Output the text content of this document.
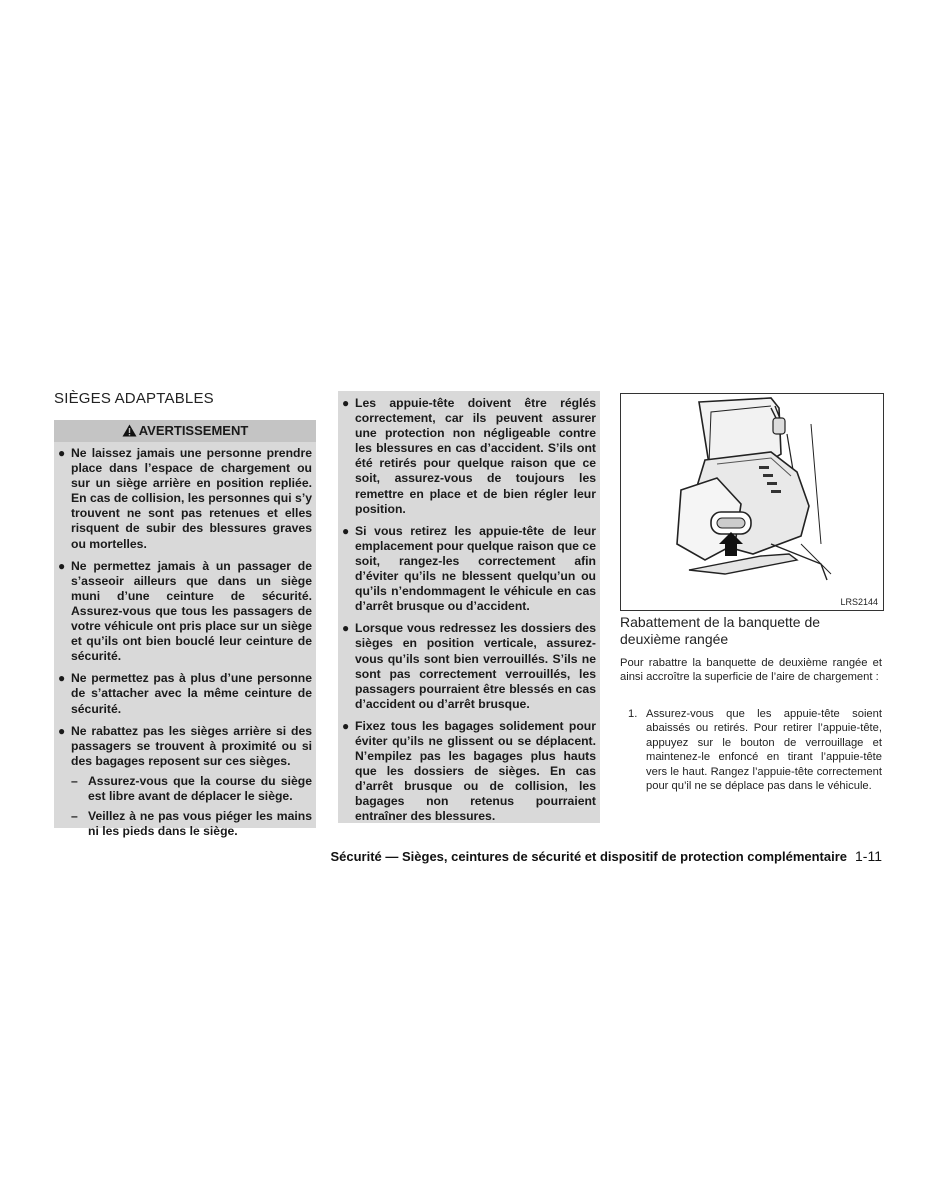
SIÈGES ADAPTABLES
AVERTISSEMENT
● Ne laissez jamais une personne prendre place dans l’espace de chargement ou sur un siège arrière en position repliée. En cas de collision, les personnes qui s’y trouvent ne sont pas retenues et elles risquent de subir des blessures graves ou mortelles.
● Ne permettez jamais à un passager de s’asseoir ailleurs que dans un siège muni d’une ceinture de sécurité. Assurez-vous que tous les passagers de votre véhicule ont pris place sur un siège et qu’ils ont bien bouclé leur ceinture de sécurité.
● Ne permettez pas à plus d’une personne de s’attacher avec la même ceinture de sécurité.
● Ne rabattez pas les sièges arrière si des passagers se trouvent à proximité ou si des bagages reposent sur ces sièges.
– Assurez-vous que la course du siège est libre avant de déplacer le siège.
– Veillez à ne pas vous piéger les mains ni les pieds dans le siège.
● Les appuie-tête doivent être réglés correctement, car ils peuvent assurer une protection non négligeable contre les blessures en cas d’accident. S’ils ont été retirés pour quelque raison que ce soit, assurez-vous de toujours les remettre en place et de bien régler leur position.
● Si vous retirez les appuie-tête de leur emplacement pour quelque raison que ce soit, rangez-les correctement afin d’éviter qu’ils ne blessent quelqu’un ou qu’ils n’endommagent le véhicule en cas d’arrêt brusque ou d’accident.
● Lorsque vous redressez les dossiers des sièges en position verticale, assurez-vous qu’ils sont bien verrouillés. S’ils ne sont pas correctement verrouillés, les passagers pourraient être blessés en cas d’accident ou d’arrêt brusque.
● Fixez tous les bagages solidement pour éviter qu’ils ne glissent ou se déplacent. N’empilez pas les bagages plus hauts que les dossiers de sièges. En cas d’arrêt brusque ou de collision, les bagages non retenus pourraient entraîner des blessures.
LRS2144
Rabattement de la banquette de deuxième rangée
Pour rabattre la banquette de deuxième rangée et ainsi accroître la superficie de l’aire de chargement :
1. Assurez-vous que les appuie-tête soient abaissés ou retirés. Pour retirer l’appuie-tête, appuyez sur le bouton de verrouillage et maintenez-le enfoncé en tirant l’appuie-tête vers le haut. Rangez l’appuie-tête correctement pour qu’il ne se déplace pas dans le véhicule.
Sécurité — Sièges, ceintures de sécurité et dispositif de protection complémentaire 1-11
